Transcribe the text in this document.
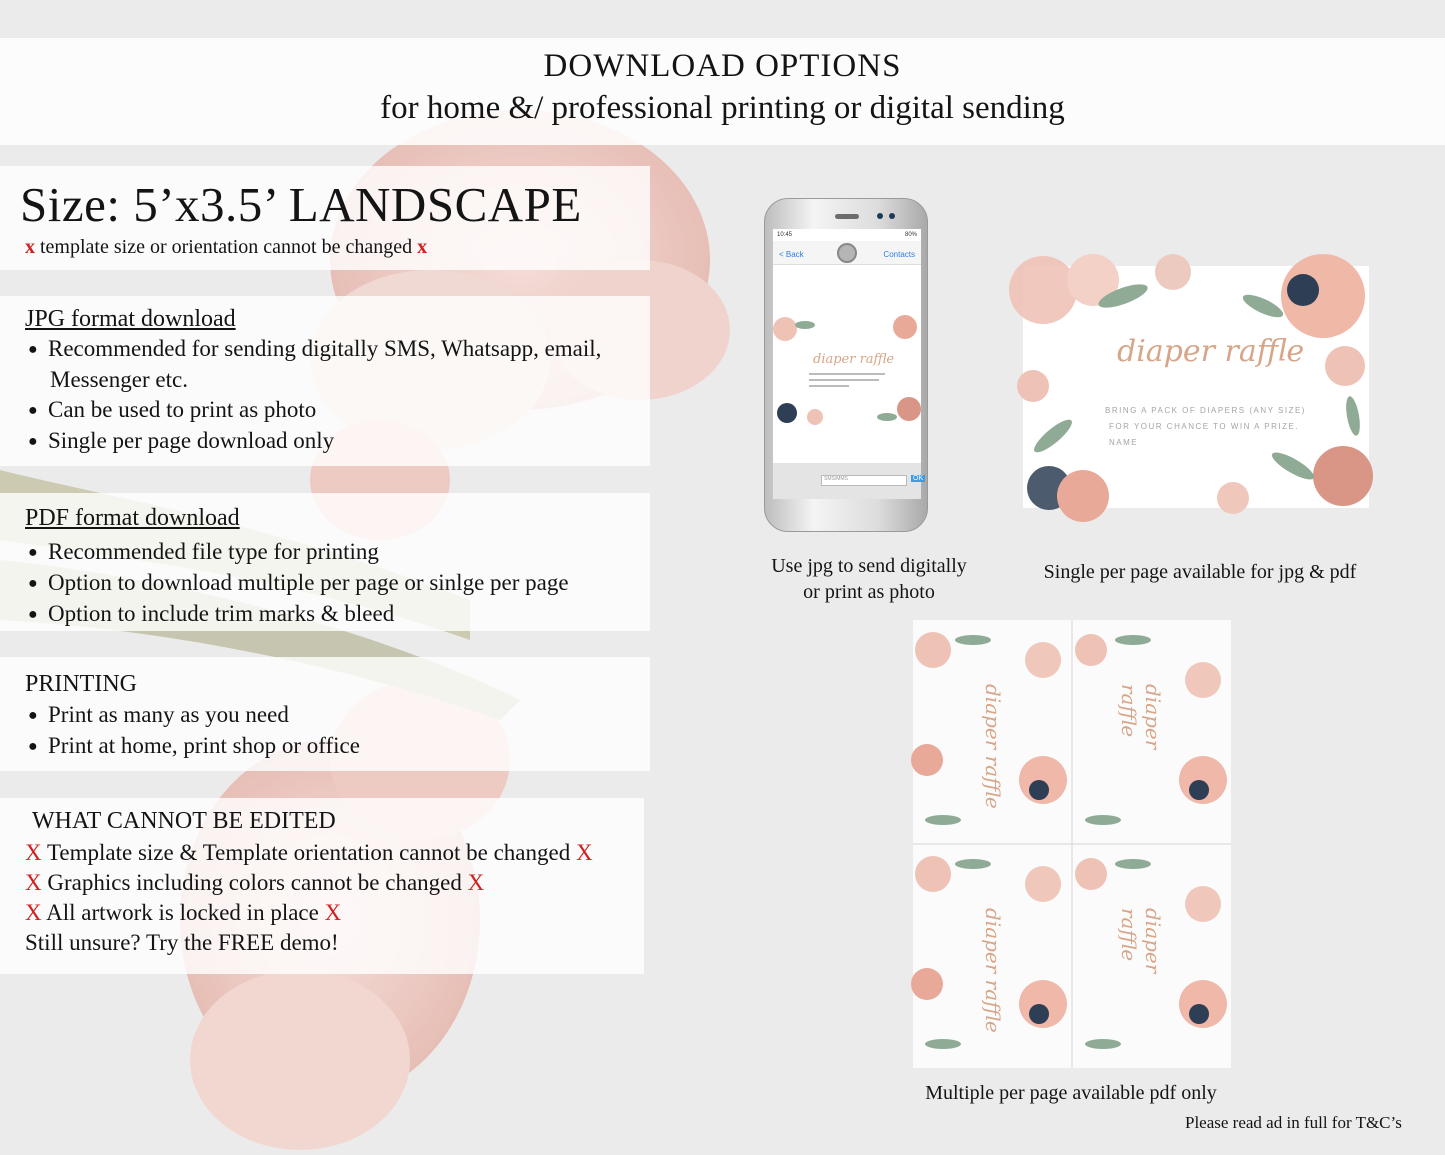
DOWNLOAD OPTIONS
for home &/ professional printing or digital sending
Size: 5’x3.5’ LANDSCAPE
x template size or orientation cannot be changed x
JPG format download
● Recommended for sending digitally SMS, Whatsapp, email,
Messenger etc.
● Can be used to print as photo
● Single per page download only
PDF format download
● Recommended file type for printing
● Option to download multiple per page or sinlge per page
● Option to include trim marks & bleed
PRINTING
● Print as many as you need
● Print at home, print shop or office
WHAT CANNOT BE EDITED
X Template size & Template orientation cannot be changed X
X Graphics including colors cannot be changed X
X All artwork is locked in place X
Still unsure? Try the FREE demo!
10:45	80%
< Back	Contacts
diaper raffle
SMS/MMS	OK
Use jpg to send digitally
or print as photo
diaper raffle
BRING A PACK OF DIAPERS (ANY SIZE)
FOR YOUR CHANCE TO WIN A PRIZE.
NAME
Single per page available for jpg & pdf
diaper raffle	diaper raffle
diaper raffle	diaper raffle
Multiple per page available pdf only
Please read ad in full for T&C’s
